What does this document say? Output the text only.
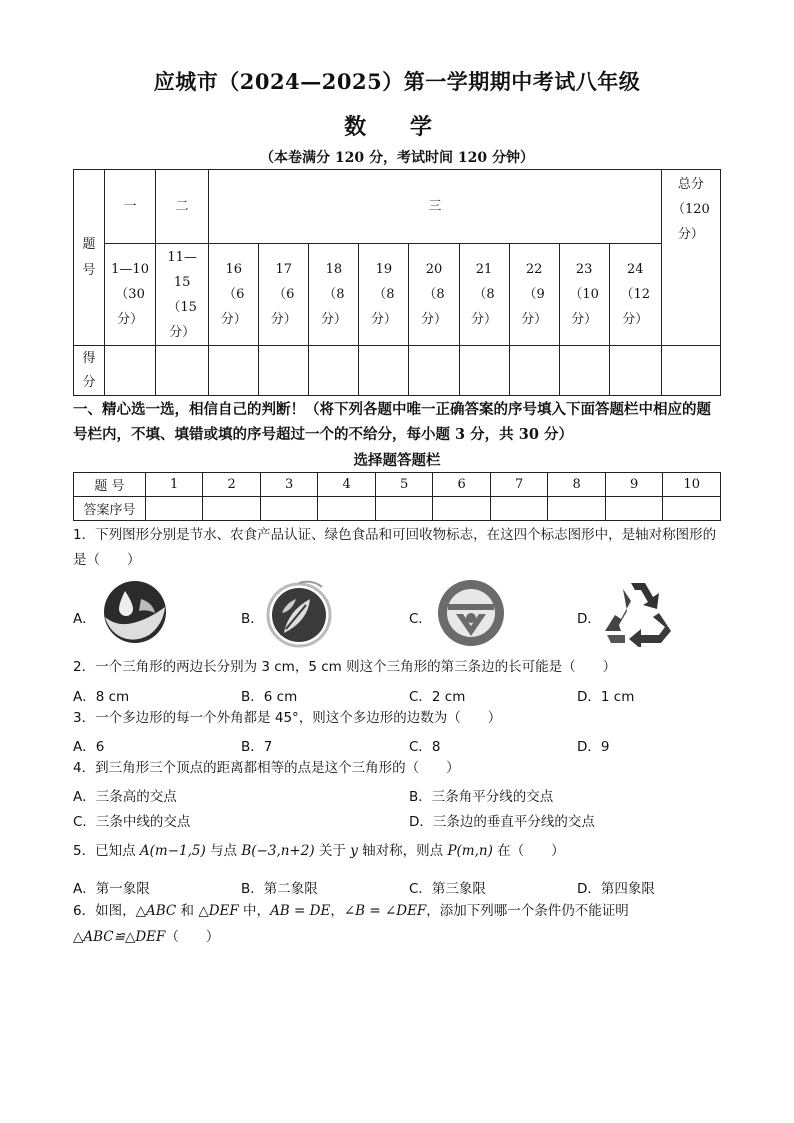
应城市（2024—2025）第一学期期中考试八年级
数 学
（本卷满分 120 分，考试时间 120 分钟）
题号	一	二	三									总分（120分）

	1—10（30分）	11—15（15分）	16（6分）	17（6分）	18（8分）	19（8分）	20（8分）	21（8分）	22（9分）	23（10分）	24（12分）	

得分												

一、精心选一选，相信自己的判断！（将下列各题中唯一正确答案的序号填入下面答题栏中相应的题号栏内，不填、填错或填的序号超过一个的不给分，每小题 3 分，共 30 分）
选择题答题栏
题 号	1	2	3	4	5	6	7	8	9	10
答案序号										
1．下列图形分别是节水、农食产品认证、绿色食品和可回收物标志，在这四个标志图形中，是轴对称图形的是（　　）
A．	B．	C．	D．
2．一个三角形的两边长分别为 3 cm，5 cm 则这个三角形的第三条边的长可能是（　　）
A．8 cm	B．6 cm	C．2 cm	D．1 cm
3．一个多边形的每一个外角都是 45°，则这个多边形的边数为（　　）
A．6	B．7	C．8	D．9
4．到三角形三个顶点的距离都相等的点是这个三角形的（　　）
A．三条高的交点	B．三条角平分线的交点
C．三条中线的交点	D．三条边的垂直平分线的交点
5．已知点 A(m−1,5) 与点 B(−3,n+2) 关于 y 轴对称，则点 P(m,n) 在（　　）
A．第一象限	B．第二象限	C．第三象限	D．第四象限
6．如图，△ABC 和 △DEF 中，AB = DE，∠B = ∠DEF，添加下列哪一个条件仍不能证明
△ABC≌△DEF（　　）
